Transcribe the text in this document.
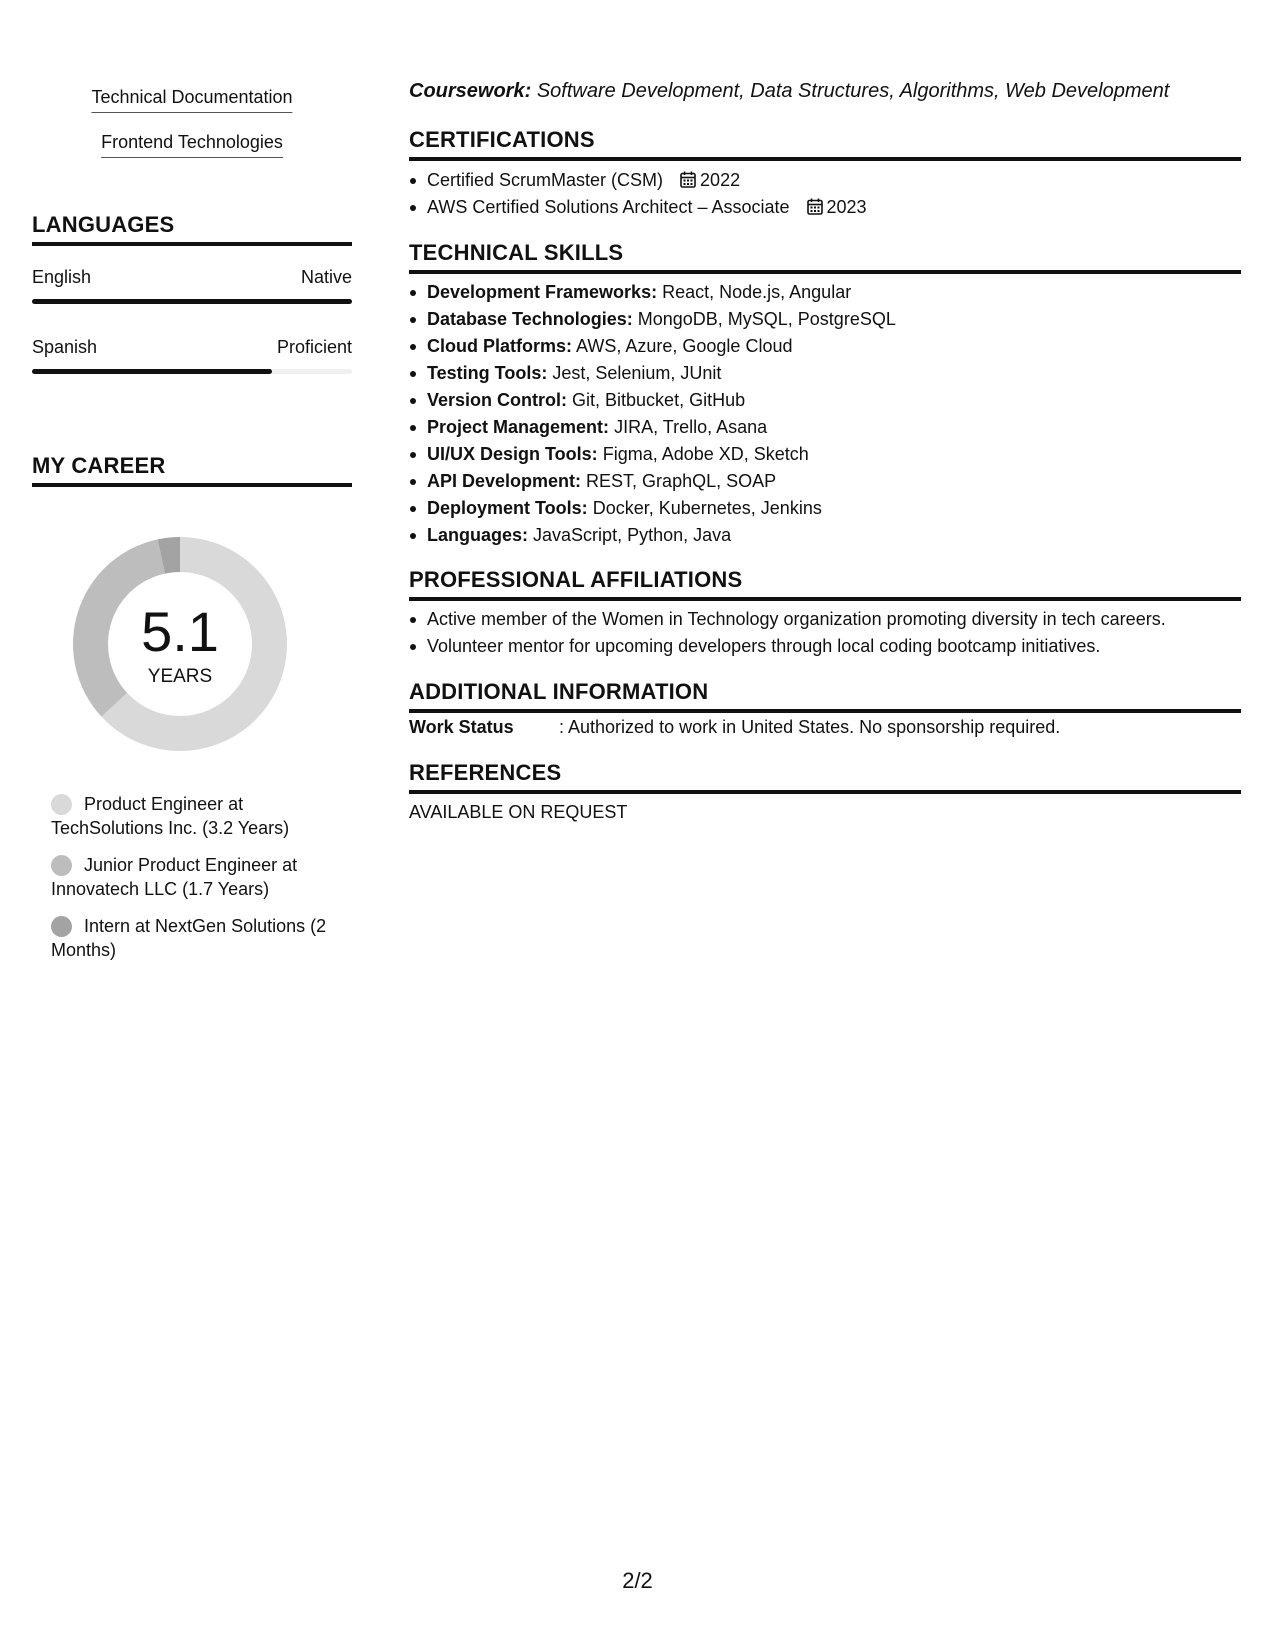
Technical Documentation
Frontend Technologies
LANGUAGES
English	Native
Spanish	Proficient
MY CAREER
5.1
YEARS
Product Engineer at TechSolutions Inc. (3.2 Years)
Junior Product Engineer at Innovatech LLC (1.7 Years)
Intern at NextGen Solutions (2 Months)
Coursework: Software Development, Data Structures, Algorithms, Web Development
CERTIFICATIONS
Certified ScrumMaster (CSM) 2022
AWS Certified Solutions Architect – Associate 2023
TECHNICAL SKILLS
Development Frameworks: React, Node.js, Angular
Database Technologies: MongoDB, MySQL, PostgreSQL
Cloud Platforms: AWS, Azure, Google Cloud
Testing Tools: Jest, Selenium, JUnit
Version Control: Git, Bitbucket, GitHub
Project Management: JIRA, Trello, Asana
UI/UX Design Tools: Figma, Adobe XD, Sketch
API Development: REST, GraphQL, SOAP
Deployment Tools: Docker, Kubernetes, Jenkins
Languages: JavaScript, Python, Java
PROFESSIONAL AFFILIATIONS
Active member of the Women in Technology organization promoting diversity in tech careers.
Volunteer mentor for upcoming developers through local coding bootcamp initiatives.
ADDITIONAL INFORMATION
Work Status	: Authorized to work in United States. No sponsorship required.
REFERENCES
AVAILABLE ON REQUEST
2/2
